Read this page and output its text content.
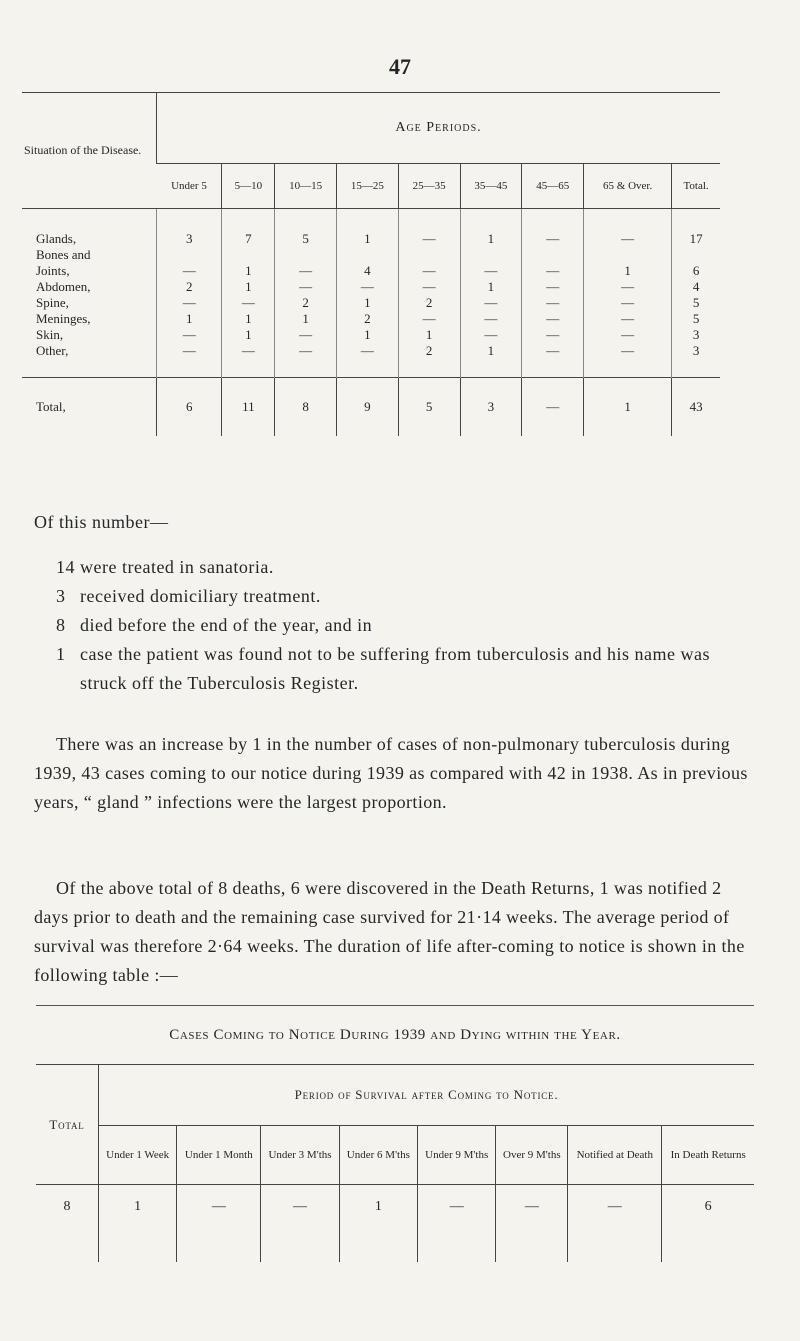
47
Situation of the Disease.	Age Periods.								
	Under 5	5—10	10—15	15—25	25—35	35—45	45—65	65 & Over.	Total.
Glands,	3	7	5	1	—	1	—	—	17
Bones and									
Joints,	—	1	—	4	—	—	—	1	6
Abdomen,	2	1	—	—	—	1	—	—	4
Spine,	—	—	2	1	2	—	—	—	5
Meninges,	1	1	1	2	—	—	—	—	5
Skin,	—	1	—	1	1	—	—	—	3
Other,	—	—	—	—	2	1	—	—	3
Total,	6	11	8	9	5	3	—	1	43
Of this number—
14 were treated in sanatoria.
3 received domiciliary treatment.
8 died before the end of the year, and in
1 case the patient was found not to be suffering from tuberculosis and his name was struck off the Tuberculosis Register.

There was an increase by 1 in the number of cases of non-pulmonary tuberculosis during 1939, 43 cases coming to our notice during 1939 as compared with 42 in 1938. As in previous years, “ gland ” infections were the largest proportion.

Of the above total of 8 deaths, 6 were discovered in the Death Returns, 1 was notified 2 days prior to death and the remaining case survived for 21·14 weeks. The average period of survival was therefore 2·64 weeks. The duration of life after-coming to notice is shown in the following table :—

Cases Coming to Notice During 1939 and Dying within the Year.								
Total	Period of Survival after Coming to Notice.							
	Under 1 Week	Under 1 Month	Under 3 M'ths	Under 6 M'ths	Under 9 M'ths	Over 9 M'ths	Notified at Death	In Death Returns
8	1	—	—	1	—	—	—	6
